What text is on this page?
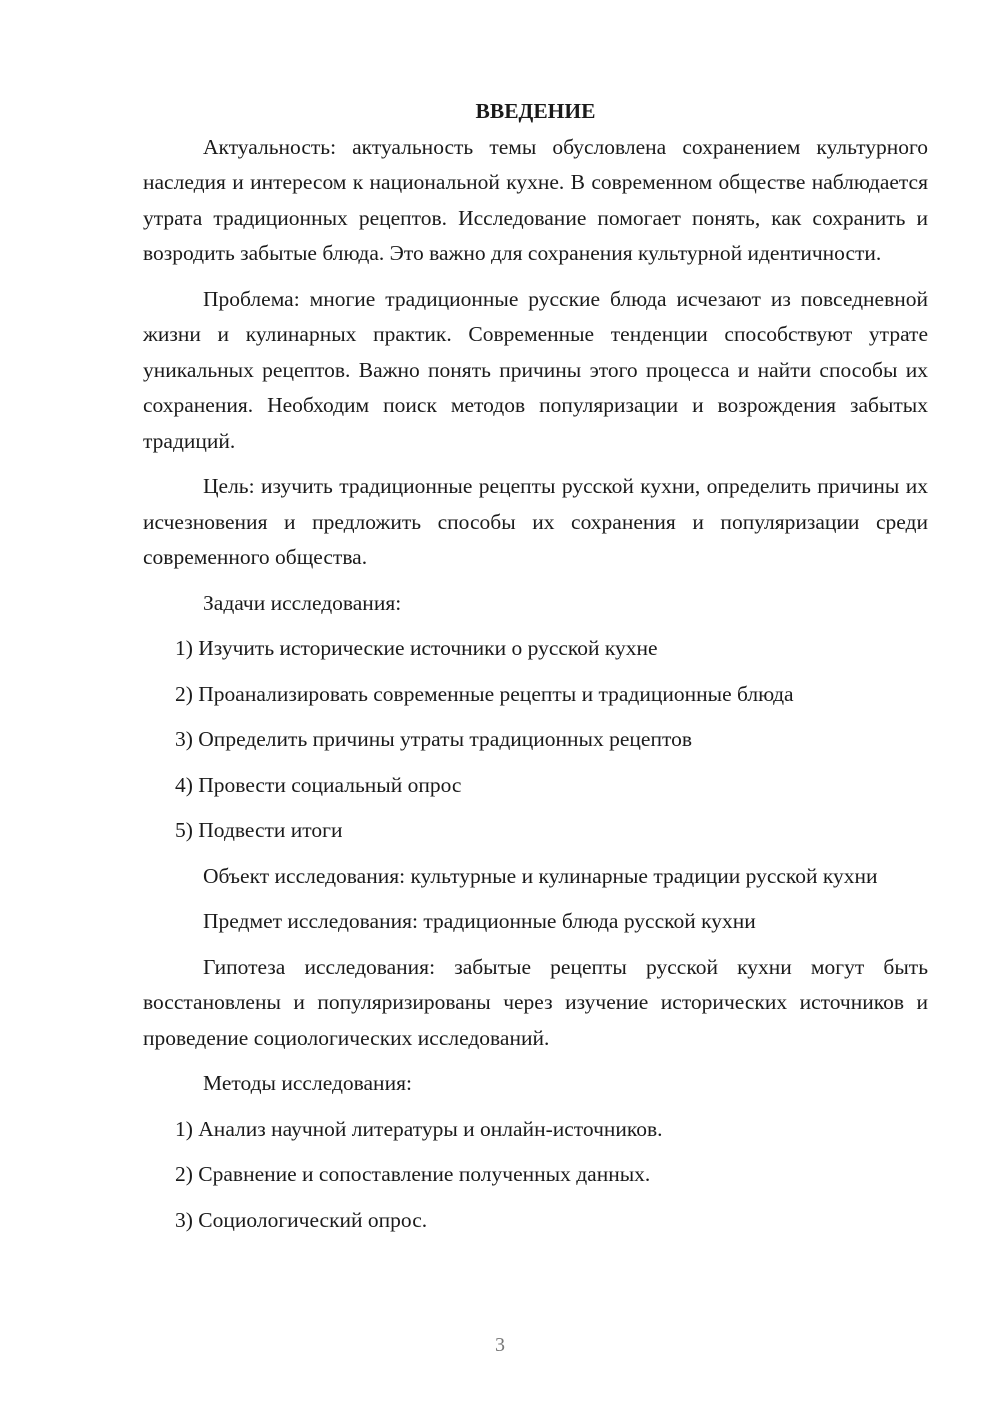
ВВЕДЕНИЕ

Актуальность: актуальность темы обусловлена сохранением культурного наследия и интересом к национальной кухне. В современном обществе наблюдается утрата традиционных рецептов. Исследование помогает понять, как сохранить и возродить забытые блюда. Это важно для сохранения культурной идентичности.

Проблема: многие традиционные русские блюда исчезают из повседневной жизни и кулинарных практик. Современные тенденции способствуют утрате уникальных рецептов. Важно понять причины этого процесса и найти способы их сохранения. Необходим поиск методов популяризации и возрождения забытых традиций.

Цель: изучить традиционные рецепты русской кухни, определить причины их исчезновения и предложить способы их сохранения и популяризации среди современного общества.

Задачи исследования:

1) Изучить исторические источники о русской кухне

2) Проанализировать современные рецепты и традиционные блюда

3) Определить причины утраты традиционных рецептов

4) Провести социальный опрос

5) Подвести итоги

Объект исследования: культурные и кулинарные традиции русской кухни

Предмет исследования: традиционные блюда русской кухни

Гипотеза исследования: забытые рецепты русской кухни могут быть восстановлены и популяризированы через изучение исторических источников и проведение социологических исследований.

Методы исследования:

1) Анализ научной литературы и онлайн-источников.

2) Сравнение и сопоставление полученных данных.

3) Социологический опрос.

3
